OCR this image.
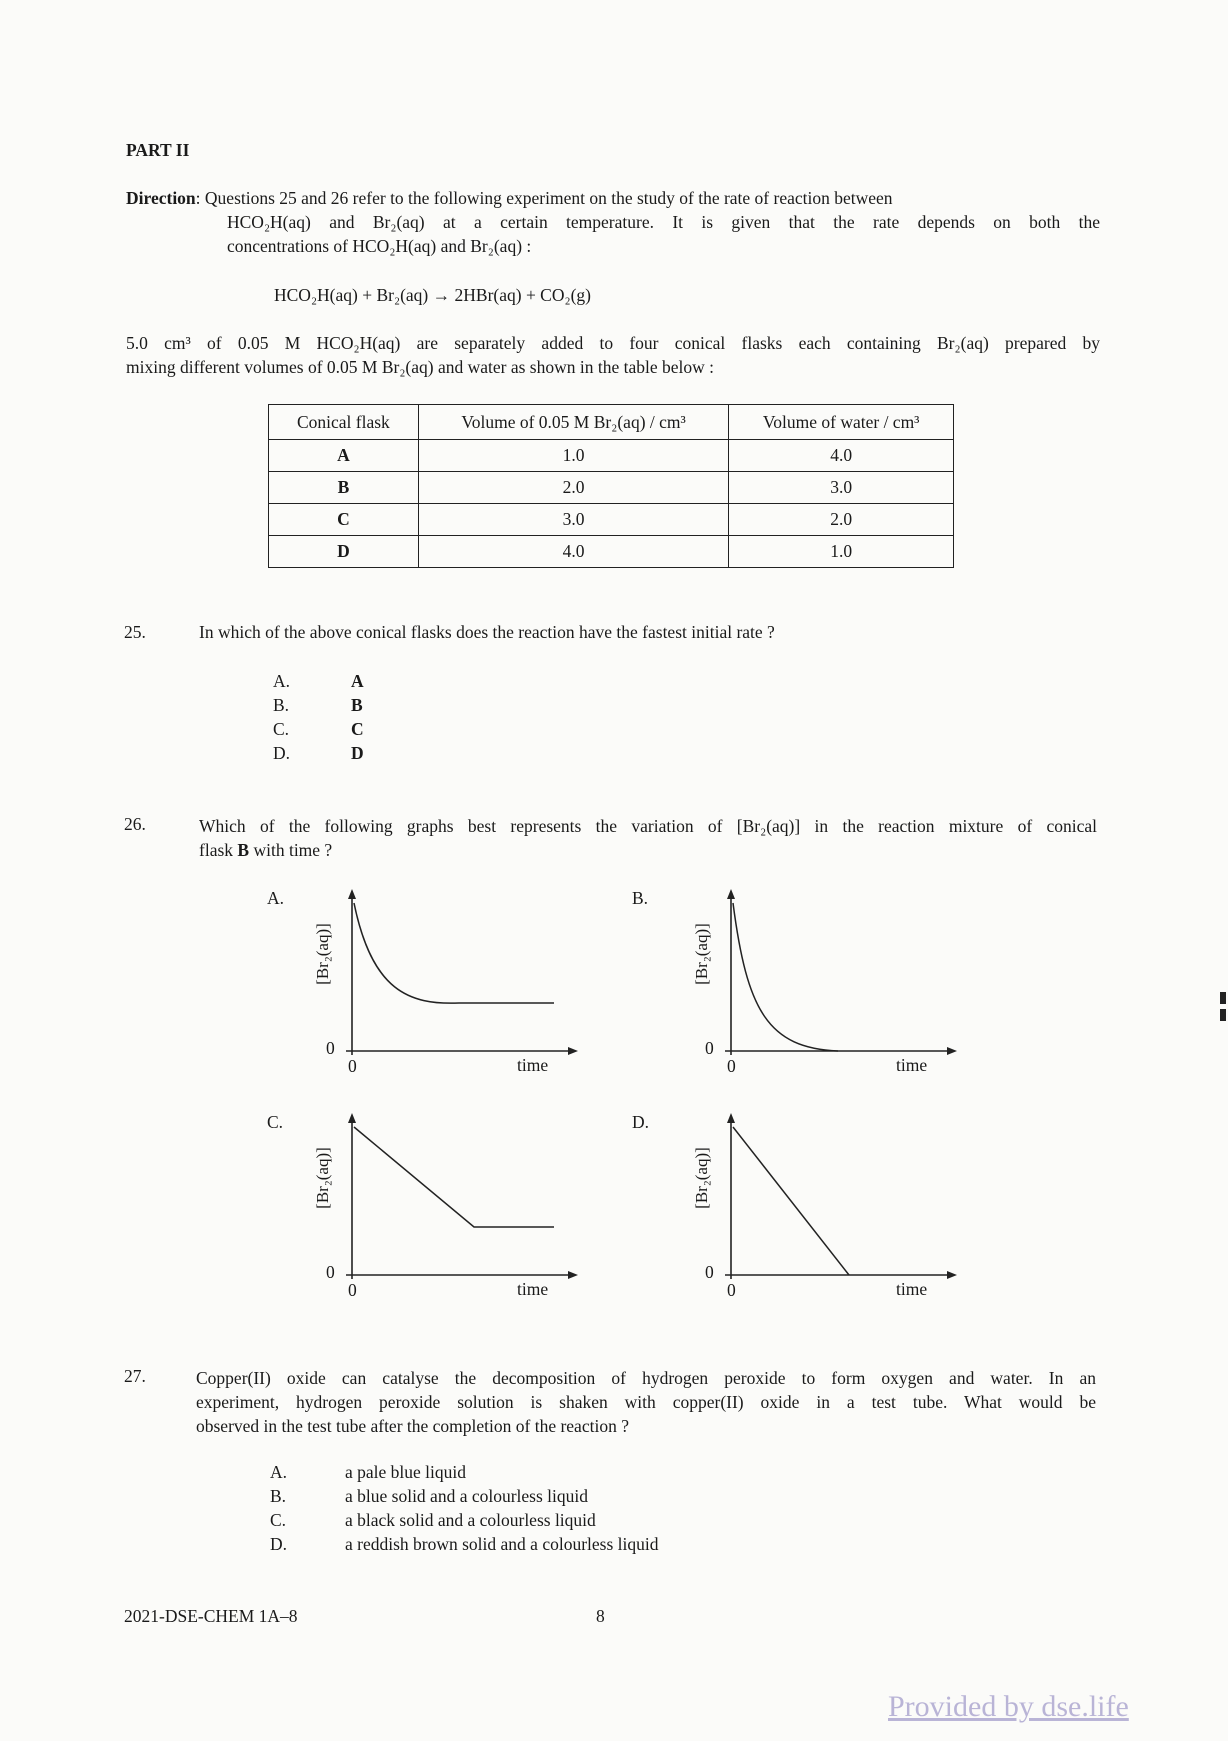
PART II
Direction: Questions 25 and 26 refer to the following experiment on the study of the rate of reaction between
HCO₂H(aq) and Br₂(aq) at a certain temperature. It is given that the rate depends on both the
concentrations of HCO₂H(aq) and Br₂(aq) :
HCO₂H(aq) + Br₂(aq) → 2HBr(aq) + CO₂(g)
5.0 cm³ of 0.05 M HCO₂H(aq) are separately added to four conical flasks each containing Br₂(aq) prepared by
mixing different volumes of 0.05 M Br₂(aq) and water as shown in the table below :
Conical flask	Volume of 0.05 M Br₂(aq) / cm³	Volume of water / cm³
A	1.0	4.0
B	2.0	3.0
C	3.0	2.0
D	4.0	1.0
25.	In which of the above conical flasks does the reaction have the fastest initial rate ?
A.	A
B.	B
C.	C
D.	D
26.	Which of the following graphs best represents the variation of [Br₂(aq)] in the reaction mixture of conical
flask B with time ?
A.
0
0	time
[Br₂(aq)]
B.
0
0	time
[Br₂(aq)]
C.
0
0	time
[Br₂(aq)]
D.
0
0	time
[Br₂(aq)]
27.	Copper(II) oxide can catalyse the decomposition of hydrogen peroxide to form oxygen and water. In an
experiment, hydrogen peroxide solution is shaken with copper(II) oxide in a test tube. What would be
observed in the test tube after the completion of the reaction ?
A.	a pale blue liquid
B.	a blue solid and a colourless liquid
C.	a black solid and a colourless liquid
D.	a reddish brown solid and a colourless liquid
2021-DSE-CHEM 1A–8	8
Provided by dse.life
